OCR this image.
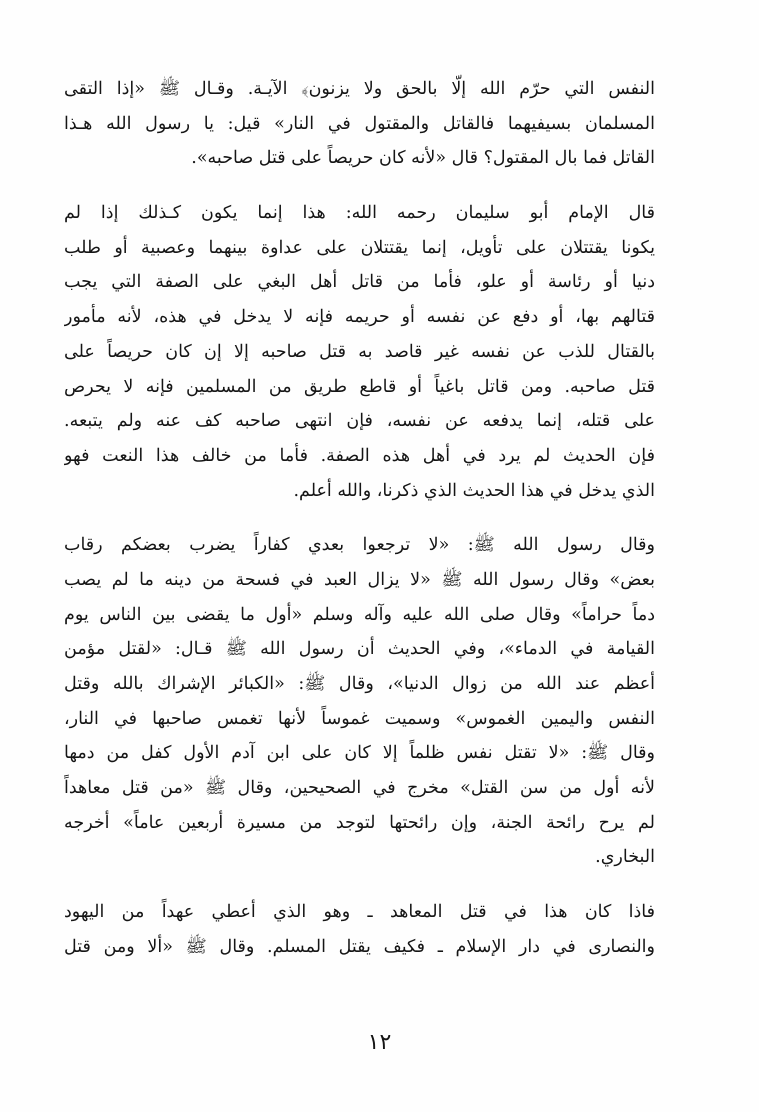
النفس التي حرّم الله إلّا بالحق ولا يزنون﴾ الآيـة. وقـال ﷺ «إذا التقى
المسلمان بسيفيهما فالقاتل والمقتول في النار» قيل: يا رسول الله هـذا
القاتل فما بال المقتول؟ قال «لأنه كان حريصاً على قتل صاحبه».
قال الإمام أبو سليمان رحمه الله: هذا إنما يكون كـذلك إذا لم
يكونا يقتتلان على تأويل، إنما يقتتلان على عداوة بينهما وعصبية أو طلب
دنيا أو رئاسة أو علو، فأما من قاتل أهل البغي على الصفة التي يجب
قتالهم بها، أو دفع عن نفسه أو حريمه فإنه لا يدخل في هذه، لأنه مأمور
بالقتال للذب عن نفسه غير قاصد به قتل صاحبه إلا إن كان حريصاً على
قتل صاحبه. ومن قاتل باغياً أو قاطع طريق من المسلمين فإنه لا يحرص
على قتله، إنما يدفعه عن نفسه، فإن انتهى صاحبه كف عنه ولم يتبعه.
فإن الحديث لم يرد في أهل هذه الصفة. فأما من خالف هذا النعت فهو
الذي يدخل في هذا الحديث الذي ذكرنا، والله أعلم.
وقال رسول الله ﷺ: «لا ترجعوا بعدي كفاراً يضرب بعضكم رقاب
بعض» وقال رسول الله ﷺ «لا يزال العبد في فسحة من دينه ما لم يصب
دماً حراماً» وقال صلى الله عليه وآله وسلم «أول ما يقضى بين الناس يوم
القيامة في الدماء»، وفي الحديث أن رسول الله ﷺ قـال: «لقتل مؤمن
أعظم عند الله من زوال الدنيا»، وقال ﷺ: «الكبائر الإشراك بالله وقتل
النفس واليمين الغموس» وسميت غموساً لأنها تغمس صاحبها في النار،
وقال ﷺ: «لا تقتل نفس ظلماً إلا كان على ابن آدم الأول كفل من دمها
لأنه أول من سن القتل» مخرج في الصحيحين، وقال ﷺ «من قتل معاهداً
لم يرح رائحة الجنة، وإن رائحتها لتوجد من مسيرة أربعين عاماً» أخرجه
البخاري.
فاذا كان هذا في قتل المعاهد ـ وهو الذي أعطي عهداً من اليهود
والنصارى في دار الإسلام ـ فكيف يقتل المسلم. وقال ﷺ «ألا ومن قتل
١٢
